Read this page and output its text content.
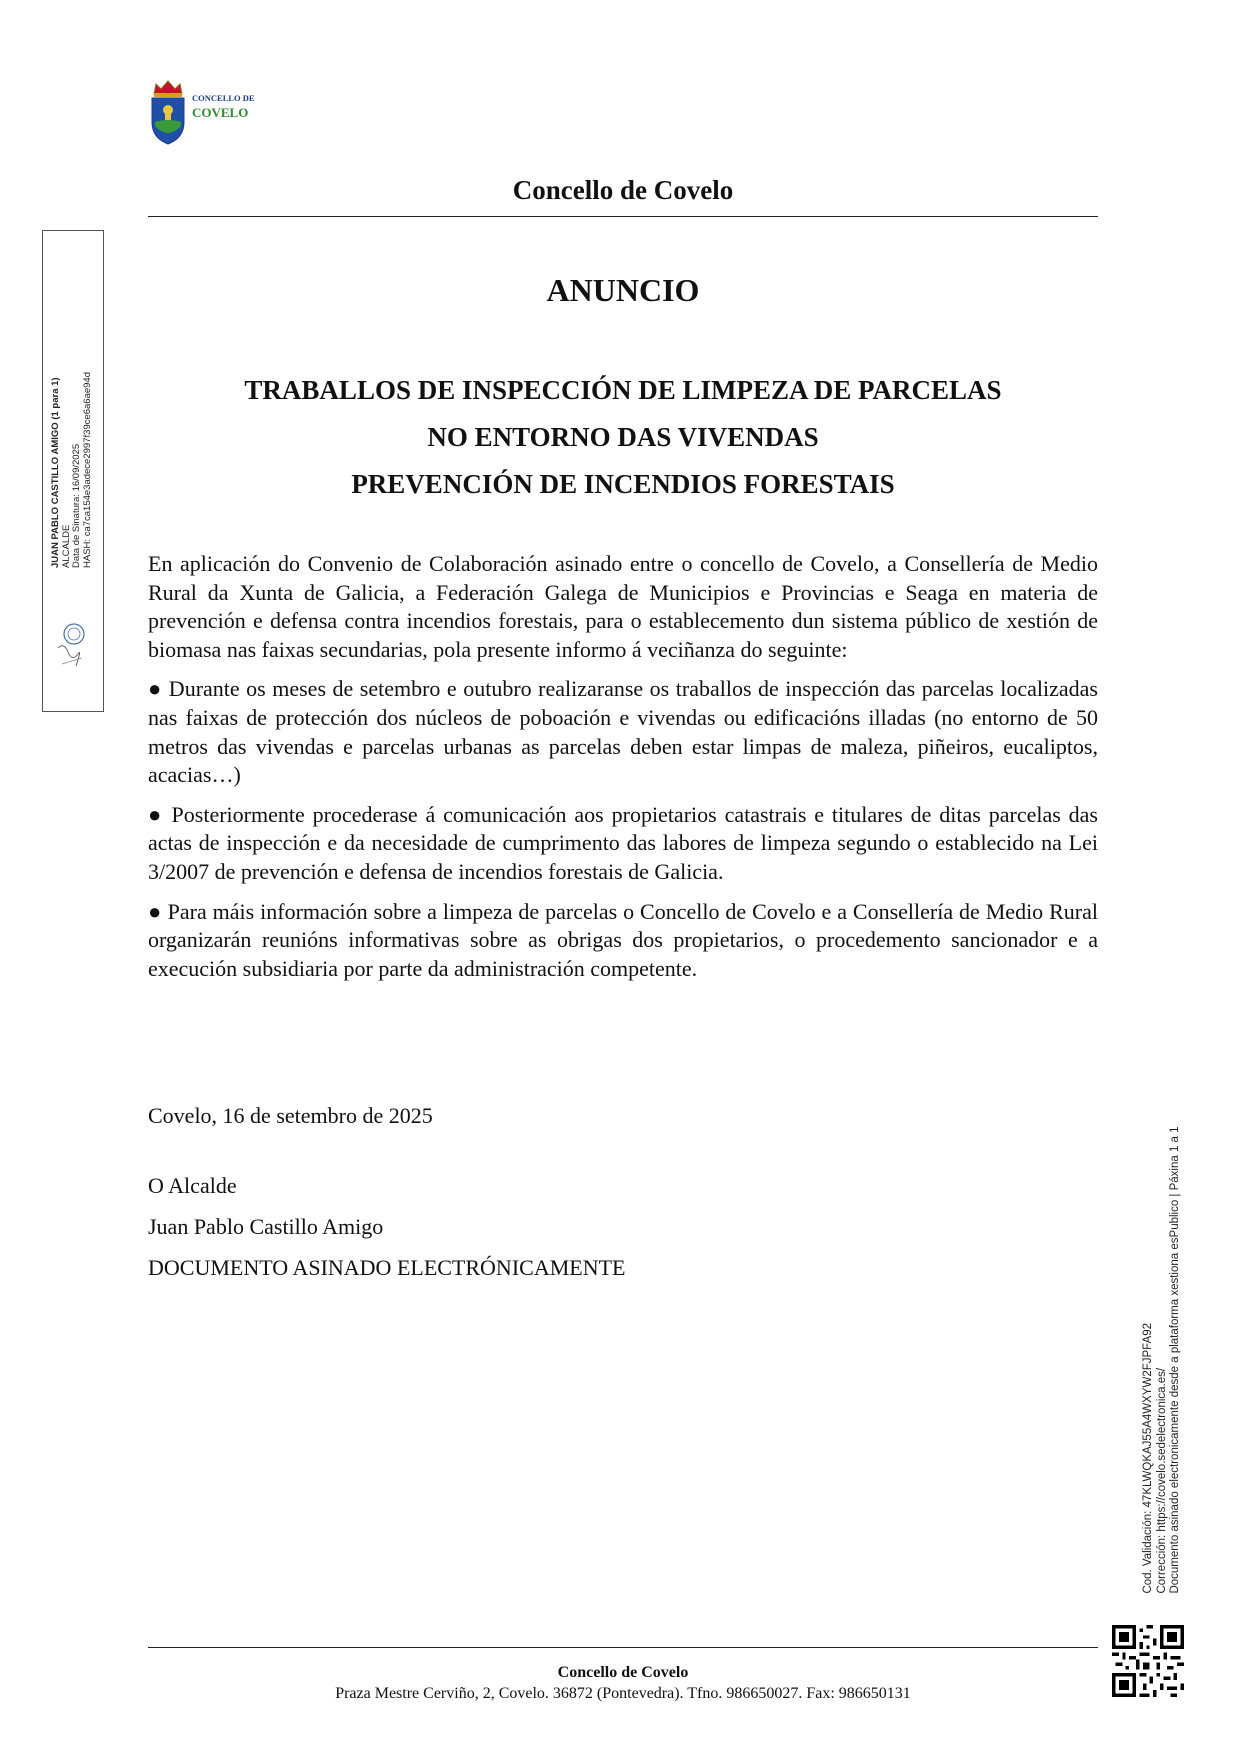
CONCELLO DE
COVELO
Concello de Covelo
ANUNCIO
TRABALLOS DE INSPECCIÓN DE LIMPEZA DE PARCELAS
NO ENTORNO DAS VIVENDAS
PREVENCIÓN DE INCENDIOS FORESTAIS

En aplicación do Convenio de Colaboración asinado entre o concello de Covelo, a Consellería de Medio Rural da Xunta de Galicia, a Federación Galega de Municipios e Provincias e Seaga en materia de prevención e defensa contra incendios forestais, para o establecemento dun sistema público de xestión de biomasa nas faixas secundarias, pola presente informo á veciñanza do seguinte:

● Durante os meses de setembro e outubro realizaranse os traballos de inspección das parcelas localizadas nas faixas de protección dos núcleos de poboación e vivendas ou edificacións illadas (no entorno de 50 metros das vivendas e parcelas urbanas as parcelas deben estar limpas de maleza, piñeiros, eucaliptos, acacias…)

● Posteriormente procederase á comunicación aos propietarios catastrais e titulares de ditas parcelas das actas de inspección e da necesidade de cumprimento das labores de limpeza segundo o establecido na Lei 3/2007 de prevención e defensa de incendios forestais de Galicia.

● Para máis información sobre a limpeza de parcelas o Concello de Covelo e a Consellería de Medio Rural organizarán reunións informativas sobre as obrigas dos propietarios, o procedemento sancionador e a execución subsidiaria por parte da administración competente.

Covelo, 16 de setembro de 2025
O Alcalde
Juan Pablo Castillo Amigo
DOCUMENTO ASINADO ELECTRÓNICAMENTE
Concello de Covelo
Praza Mestre Cerviño, 2, Covelo. 36872 (Pontevedra). Tfno. 986650027. Fax: 986650131
JUAN PABLO CASTILLO AMIGO (1 para 1) ALCALDE Data de Sinatura: 16/09/2025 HASH: ca7ca154e3adece2997f39ce6a6ae94d
Cod. Validación: 47KLWQKAJ55A4WXYW2FJPFA92 Corrección: https://covelo.sedelectronica.es/ Documento asinado electronicamente desde a plataforma xestiona esPublico | Páxina 1 a 1
